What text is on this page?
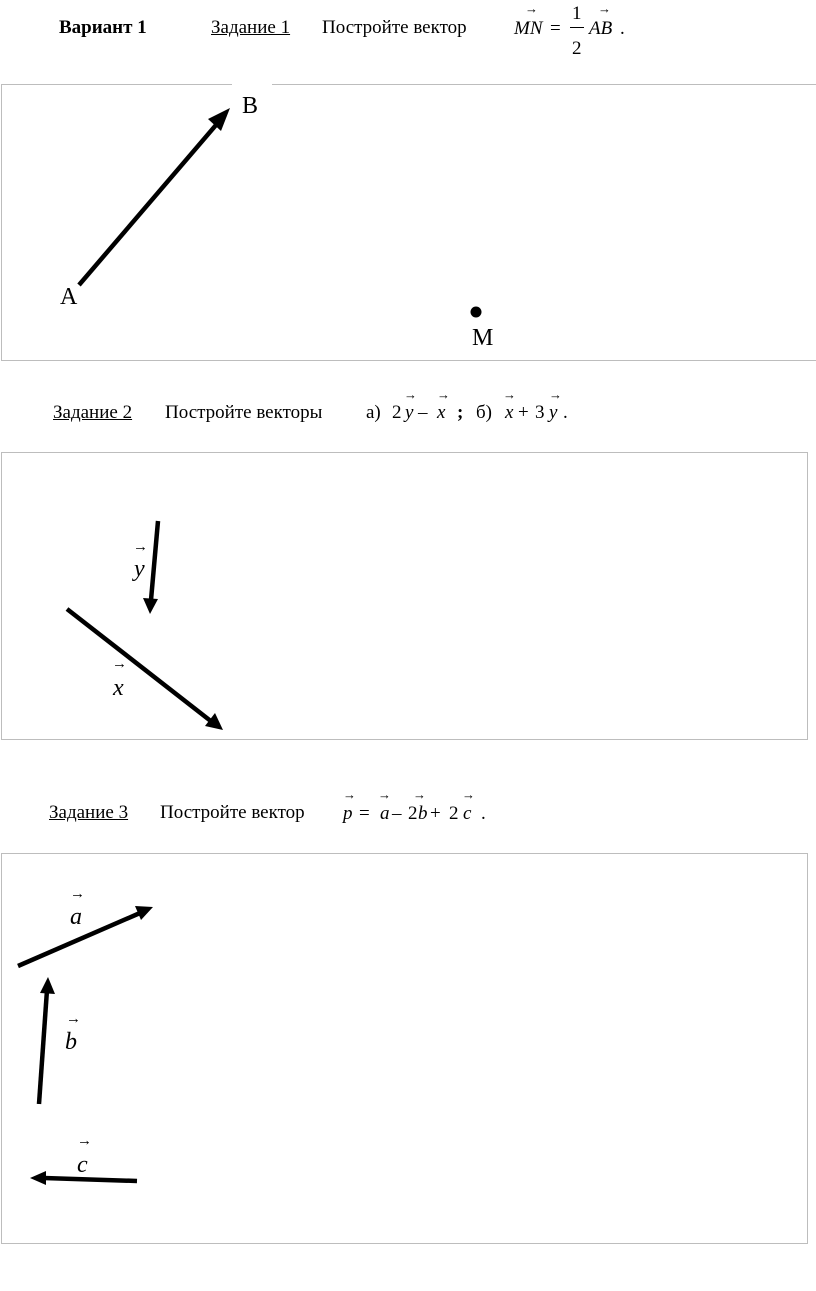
Вариант 1	Задание 1 Постройте вектор
→
MN =
1
2
→
AB .
B
A
M
Задание 2 Постройте векторы а) 2
→
y –
→
x ; б)
→
x + 3
→
y .
→
y
→
x
Задание 3 Постройте вектор
→
p =
→
a – 2
→
b + 2
→
c .
→
a
→
b
→
c
